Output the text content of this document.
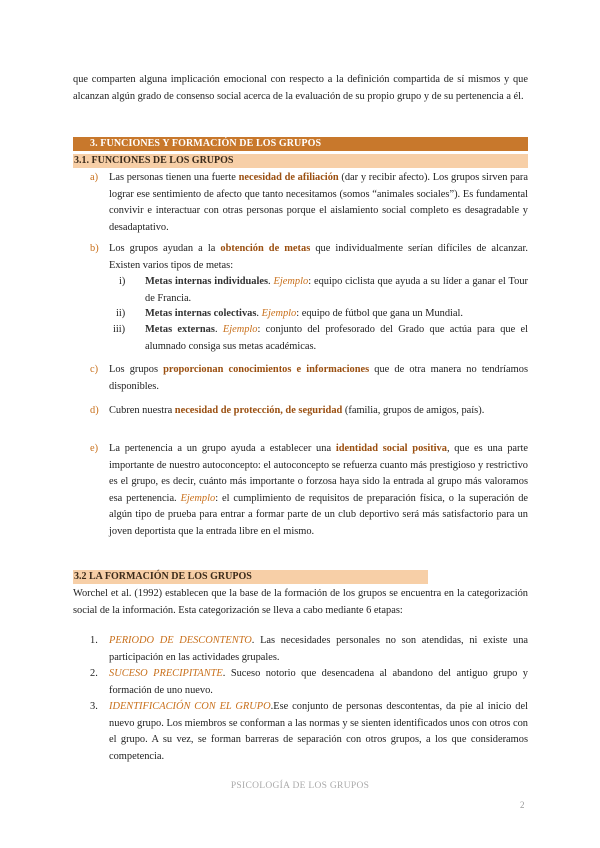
que comparten alguna implicación emocional con respecto a la definición compartida de sí mismos y que alcanzan algún grado de consenso social acerca de la evaluación de su propio grupo y de su pertenencia a él.
3. FUNCIONES Y FORMACIÓN DE LOS GRUPOS
3.1. FUNCIONES DE LOS GRUPOS
a) Las personas tienen una fuerte necesidad de afiliación (dar y recibir afecto). Los grupos sirven para lograr ese sentimiento de afecto que tanto necesitamos (somos “animales sociales”). Es fundamental convivir e interactuar con otras personas porque el aislamiento social completo es desagradable y desadaptativo.
b) Los grupos ayudan a la obtención de metas que individualmente serían difíciles de alcanzar. Existen varios tipos de metas:
i) Metas internas individuales. Ejemplo: equipo ciclista que ayuda a su líder a ganar el Tour de Francia.
ii) Metas internas colectivas. Ejemplo: equipo de fútbol que gana un Mundial.
iii) Metas externas. Ejemplo: conjunto del profesorado del Grado que actúa para que el alumnado consiga sus metas académicas.
c) Los grupos proporcionan conocimientos e informaciones que de otra manera no tendríamos disponibles.
d) Cubren nuestra necesidad de protección, de seguridad (familia, grupos de amigos, país).
e) La pertenencia a un grupo ayuda a establecer una identidad social positiva, que es una parte importante de nuestro autoconcepto: el autoconcepto se refuerza cuanto más prestigioso y restrictivo es el grupo, es decir, cuánto más importante o forzosa haya sido la entrada al grupo más valoramos esa pertenencia. Ejemplo: el cumplimiento de requisitos de preparación física, o la superación de algún tipo de prueba para entrar a formar parte de un club deportivo será más satisfactorio para un joven deportista que la entrada libre en el mismo.
3.2 LA FORMACIÓN DE LOS GRUPOS
Worchel et al. (1992) establecen que la base de la formación de los grupos se encuentra en la categorización social de la información. Esta categorización se lleva a cabo mediante 6 etapas:
1. PERIODO DE DESCONTENTO. Las necesidades personales no son atendidas, ni existe una participación en las actividades grupales.
2. SUCESO PRECIPITANTE. Suceso notorio que desencadena al abandono del antiguo grupo y formación de uno nuevo.
3. IDENTIFICACIÓN CON EL GRUPO.Ese conjunto de personas descontentas, da pie al inicio del nuevo grupo. Los miembros se conforman a las normas y se sienten identificados unos con otros con el grupo. A su vez, se forman barreras de separación con otros grupos, a los que consideramos competencia.
PSICOLOGÍA DE LOS GRUPOS
2
